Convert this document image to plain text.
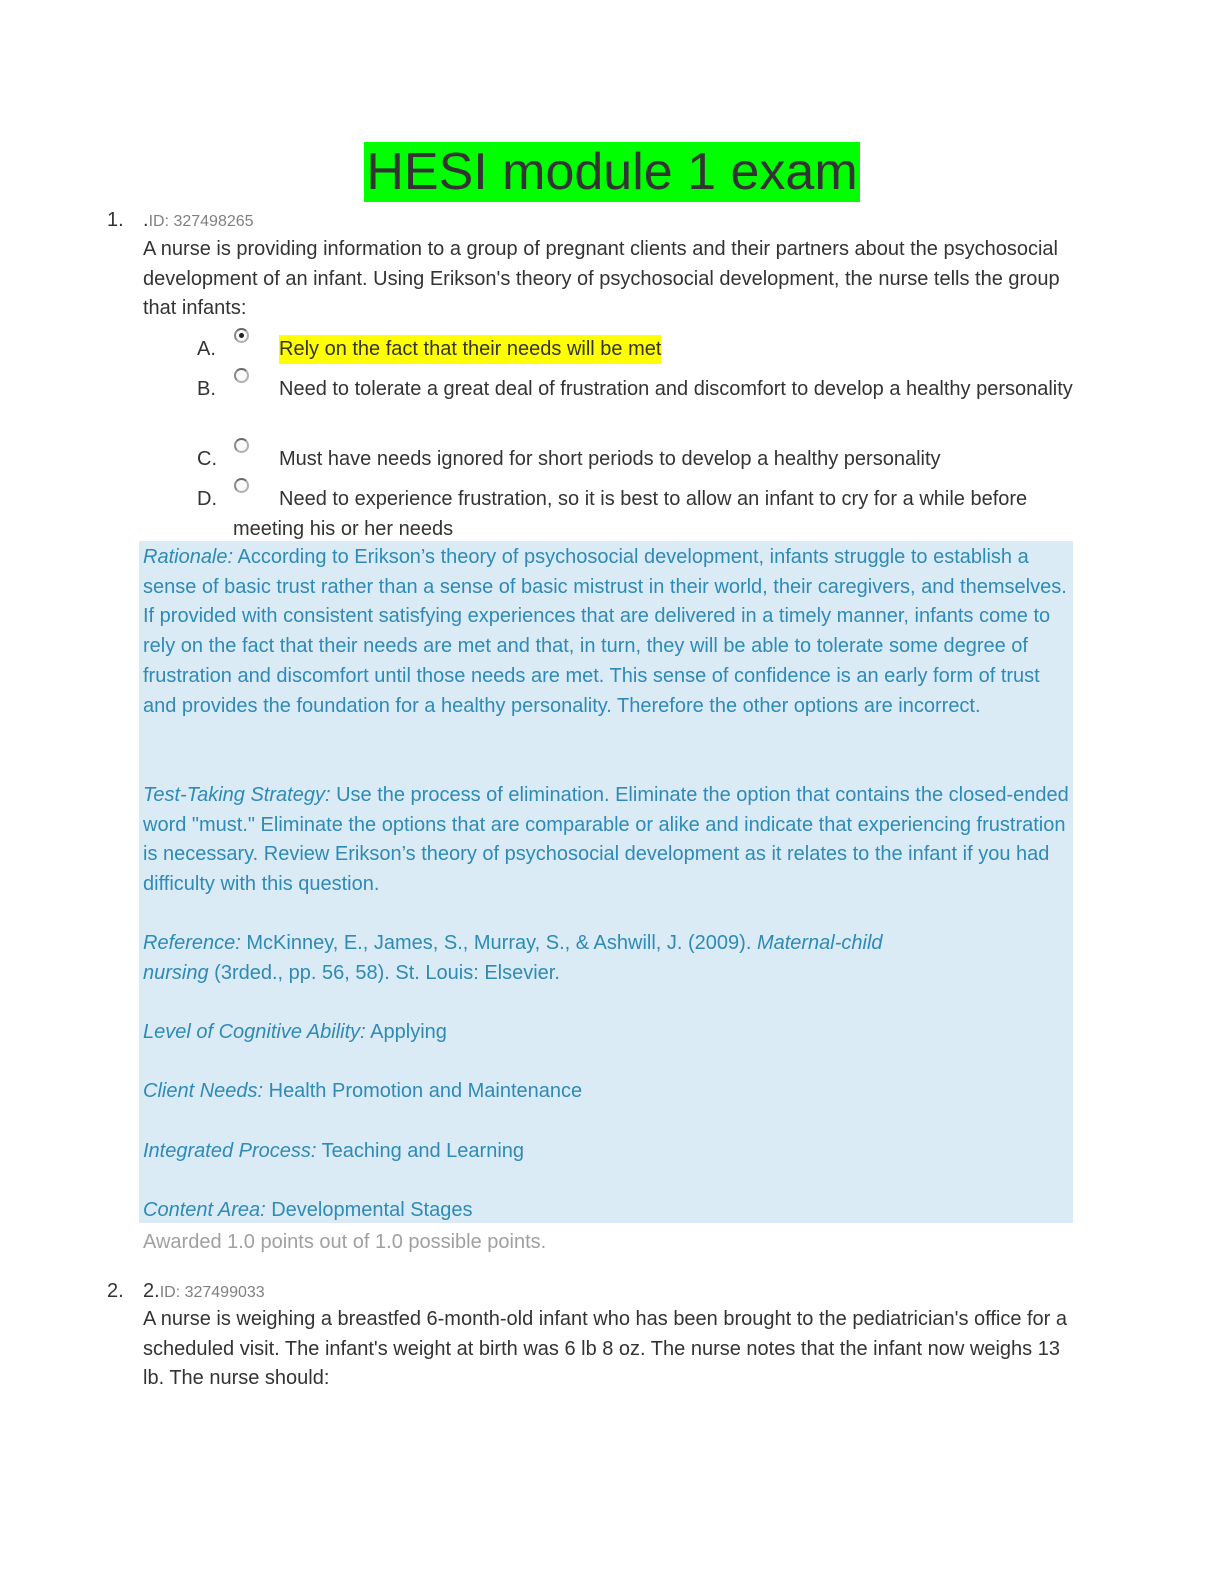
HESI module 1 exam
1. .ID: 327498265
A nurse is providing information to a group of pregnant clients and their partners about the psychosocial development of an infant. Using Erikson's theory of psychosocial development, the nurse tells the group that infants:
A.	Rely on the fact that their needs will be met
B.	Need to tolerate a great deal of frustration and discomfort to develop a healthy personality
C.	Must have needs ignored for short periods to develop a healthy personality
D.	Need to experience frustration, so it is best to allow an infant to cry for a while before meeting his or her needs
Rationale: According to Erikson’s theory of psychosocial development, infants struggle to establish a sense of basic trust rather than a sense of basic mistrust in their world, their caregivers, and themselves. If provided with consistent satisfying experiences that are delivered in a timely manner, infants come to rely on the fact that their needs are met and that, in turn, they will be able to tolerate some degree of frustration and discomfort until those needs are met. This sense of confidence is an early form of trust and provides the foundation for a healthy personality. Therefore the other options are incorrect.
Test-Taking Strategy: Use the process of elimination. Eliminate the option that contains the closed-ended word "must." Eliminate the options that are comparable or alike and indicate that experiencing frustration is necessary. Review Erikson’s theory of psychosocial development as it relates to the infant if you had difficulty with this question.
Reference: McKinney, E., James, S., Murray, S., & Ashwill, J. (2009). Maternal-child nursing (3rded., pp. 56, 58). St. Louis: Elsevier.
Level of Cognitive Ability: Applying
Client Needs: Health Promotion and Maintenance
Integrated Process: Teaching and Learning
Content Area: Developmental Stages
Awarded 1.0 points out of 1.0 possible points.
2. 2.ID: 327499033
A nurse is weighing a breastfed 6-month-old infant who has been brought to the pediatrician's office for a scheduled visit. The infant's weight at birth was 6 lb 8 oz. The nurse notes that the infant now weighs 13 lb. The nurse should:
